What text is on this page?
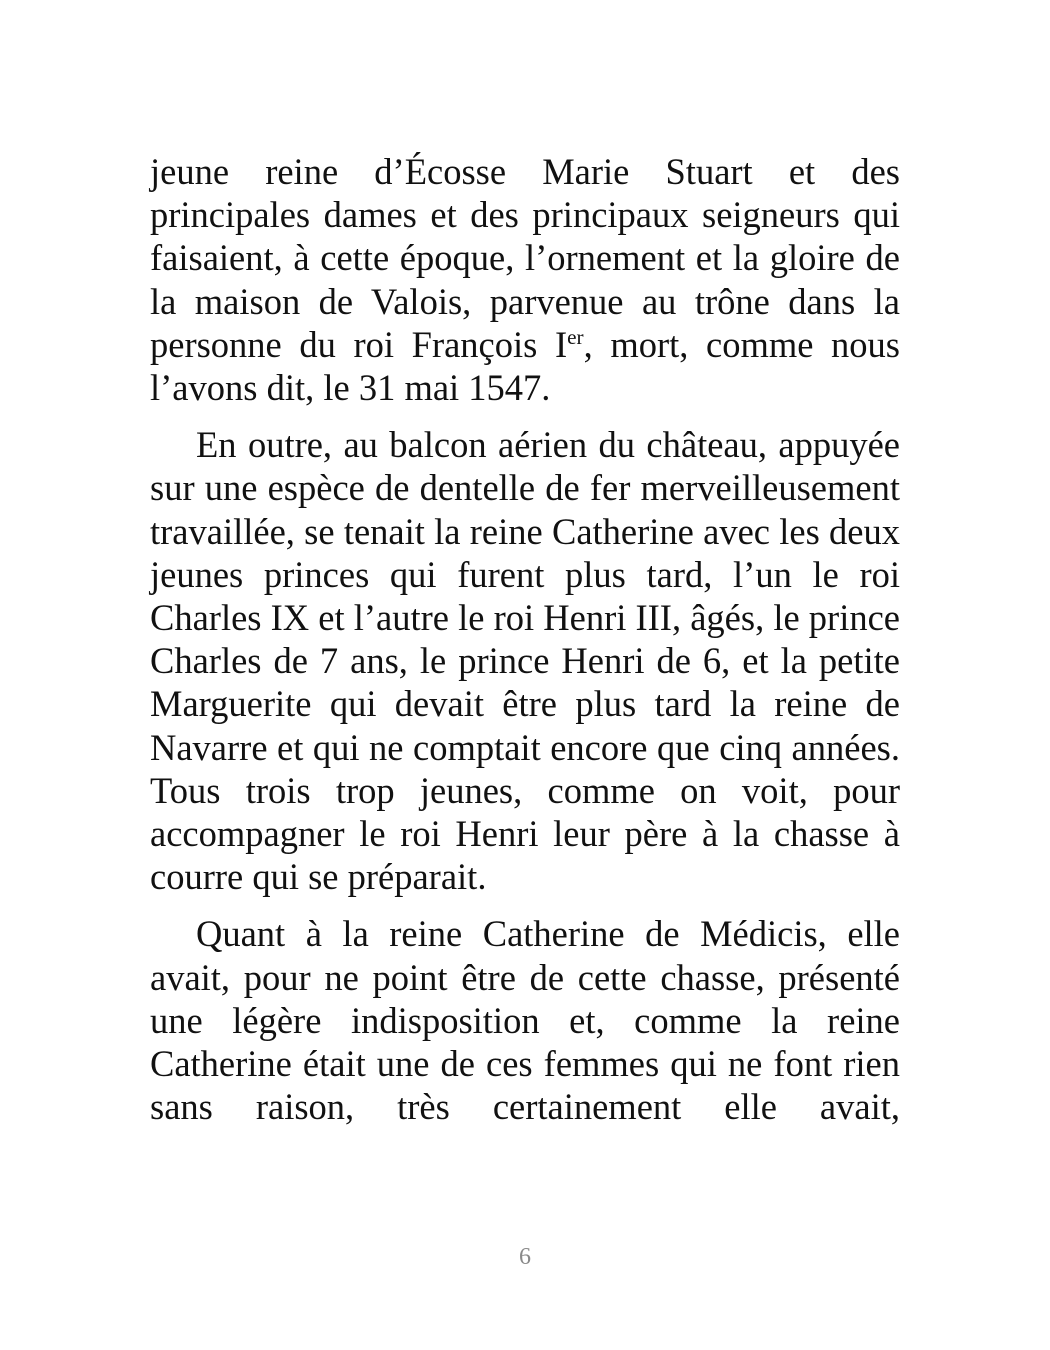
jeune reine d’Écosse Marie Stuart et des principales dames et des principaux seigneurs qui faisaient, à cette époque, l’ornement et la gloire de la maison de Valois, parvenue au trône dans la personne du roi François Ier, mort, comme nous l’avons dit, le 31 mai 1547.

En outre, au balcon aérien du château, appuyée sur une espèce de dentelle de fer merveilleusement travaillée, se tenait la reine Catherine avec les deux jeunes princes qui furent plus tard, l’un le roi Charles IX et l’autre le roi Henri III, âgés, le prince Charles de 7 ans, le prince Henri de 6, et la petite Marguerite qui devait être plus tard la reine de Navarre et qui ne comptait encore que cinq années. Tous trois trop jeunes, comme on voit, pour accompagner le roi Henri leur père à la chasse à courre qui se préparait.

Quant à la reine Catherine de Médicis, elle avait, pour ne point être de cette chasse, présenté une légère indisposition et, comme la reine Catherine était une de ces femmes qui ne font rien sans raison, très certainement elle avait,

6
